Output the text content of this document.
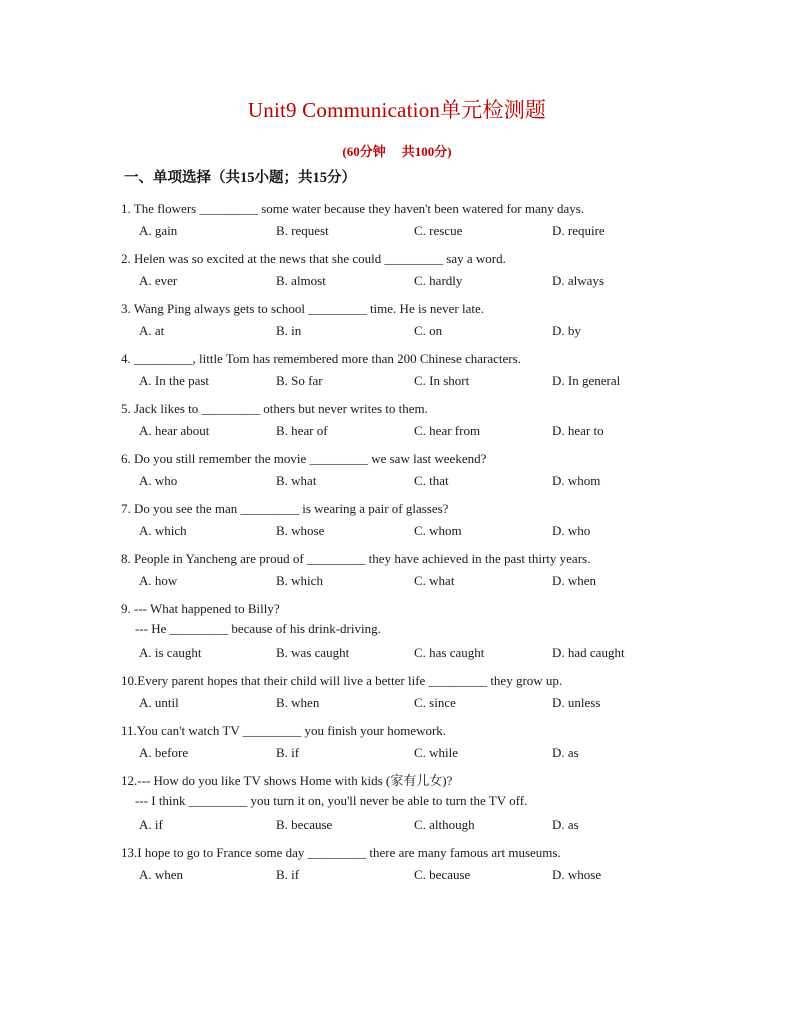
Unit9 Communication单元检测题
(60分钟 共100分)
一、单项选择（共15小题；共15分）
1. The flowers _________ some water because they haven't been watered for many days.
A. gain	B. request	C. rescue	D. require
2. Helen was so excited at the news that she could _________ say a word.
A. ever	B. almost	C. hardly	D. always
3. Wang Ping always gets to school _________ time. He is never late.
A. at	B. in	C. on	D. by
4. _________, little Tom has remembered more than 200 Chinese characters.
A. In the past	B. So far	C. In short	D. In general
5. Jack likes to _________ others but never writes to them.
A. hear about	B. hear of	C. hear from	D. hear to
6. Do you still remember the movie _________ we saw last weekend?
A. who	B. what	C. that	D. whom
7. Do you see the man _________ is wearing a pair of glasses?
A. which	B. whose	C. whom	D. who
8. People in Yancheng are proud of _________ they have achieved in the past thirty years.
A. how	B. which	C. what	D. when
9. --- What happened to Billy?
--- He _________ because of his drink-driving.
A. is caught	B. was caught	C. has caught	D. had caught
10.Every parent hopes that their child will live a better life _________ they grow up.
A. until	B. when	C. since	D. unless
11.You can't watch TV _________ you finish your homework.
A. before	B. if	C. while	D. as
12.--- How do you like TV shows Home with kids (家有儿女)?
--- I think _________ you turn it on, you'll never be able to turn the TV off.
A. if	B. because	C. although	D. as
13.I hope to go to France some day _________ there are many famous art museums.
A. when	B. if	C. because	D. whose
